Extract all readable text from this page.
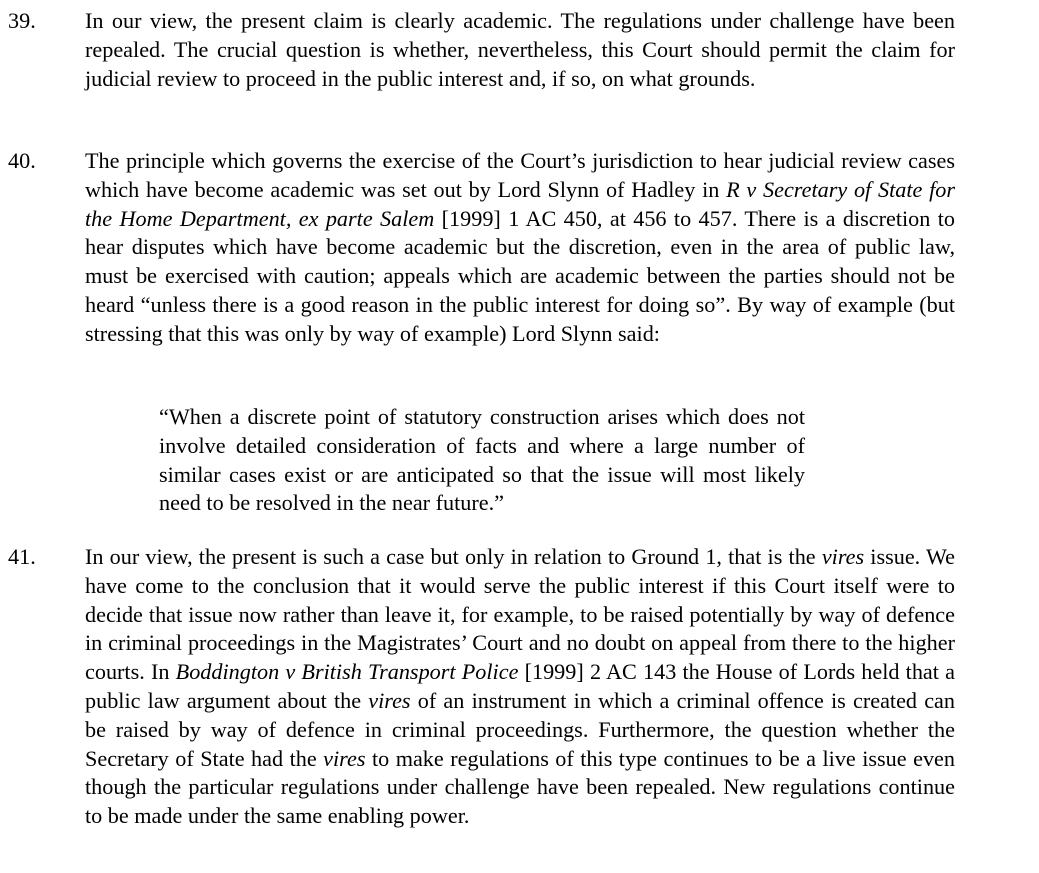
39. In our view, the present claim is clearly academic. The regulations under challenge have been repealed. The crucial question is whether, nevertheless, this Court should permit the claim for judicial review to proceed in the public interest and, if so, on what grounds.
40. The principle which governs the exercise of the Court’s jurisdiction to hear judicial review cases which have become academic was set out by Lord Slynn of Hadley in R v Secretary of State for the Home Department, ex parte Salem [1999] 1 AC 450, at 456 to 457. There is a discretion to hear disputes which have become academic but the discretion, even in the area of public law, must be exercised with caution; appeals which are academic between the parties should not be heard “unless there is a good reason in the public interest for doing so”. By way of example (but stressing that this was only by way of example) Lord Slynn said:
“When a discrete point of statutory construction arises which does not involve detailed consideration of facts and where a large number of similar cases exist or are anticipated so that the issue will most likely need to be resolved in the near future.”
41. In our view, the present is such a case but only in relation to Ground 1, that is the vires issue. We have come to the conclusion that it would serve the public interest if this Court itself were to decide that issue now rather than leave it, for example, to be raised potentially by way of defence in criminal proceedings in the Magistrates’ Court and no doubt on appeal from there to the higher courts. In Boddington v British Transport Police [1999] 2 AC 143 the House of Lords held that a public law argument about the vires of an instrument in which a criminal offence is created can be raised by way of defence in criminal proceedings. Furthermore, the question whether the Secretary of State had the vires to make regulations of this type continues to be a live issue even though the particular regulations under challenge have been repealed. New regulations continue to be made under the same enabling power.
